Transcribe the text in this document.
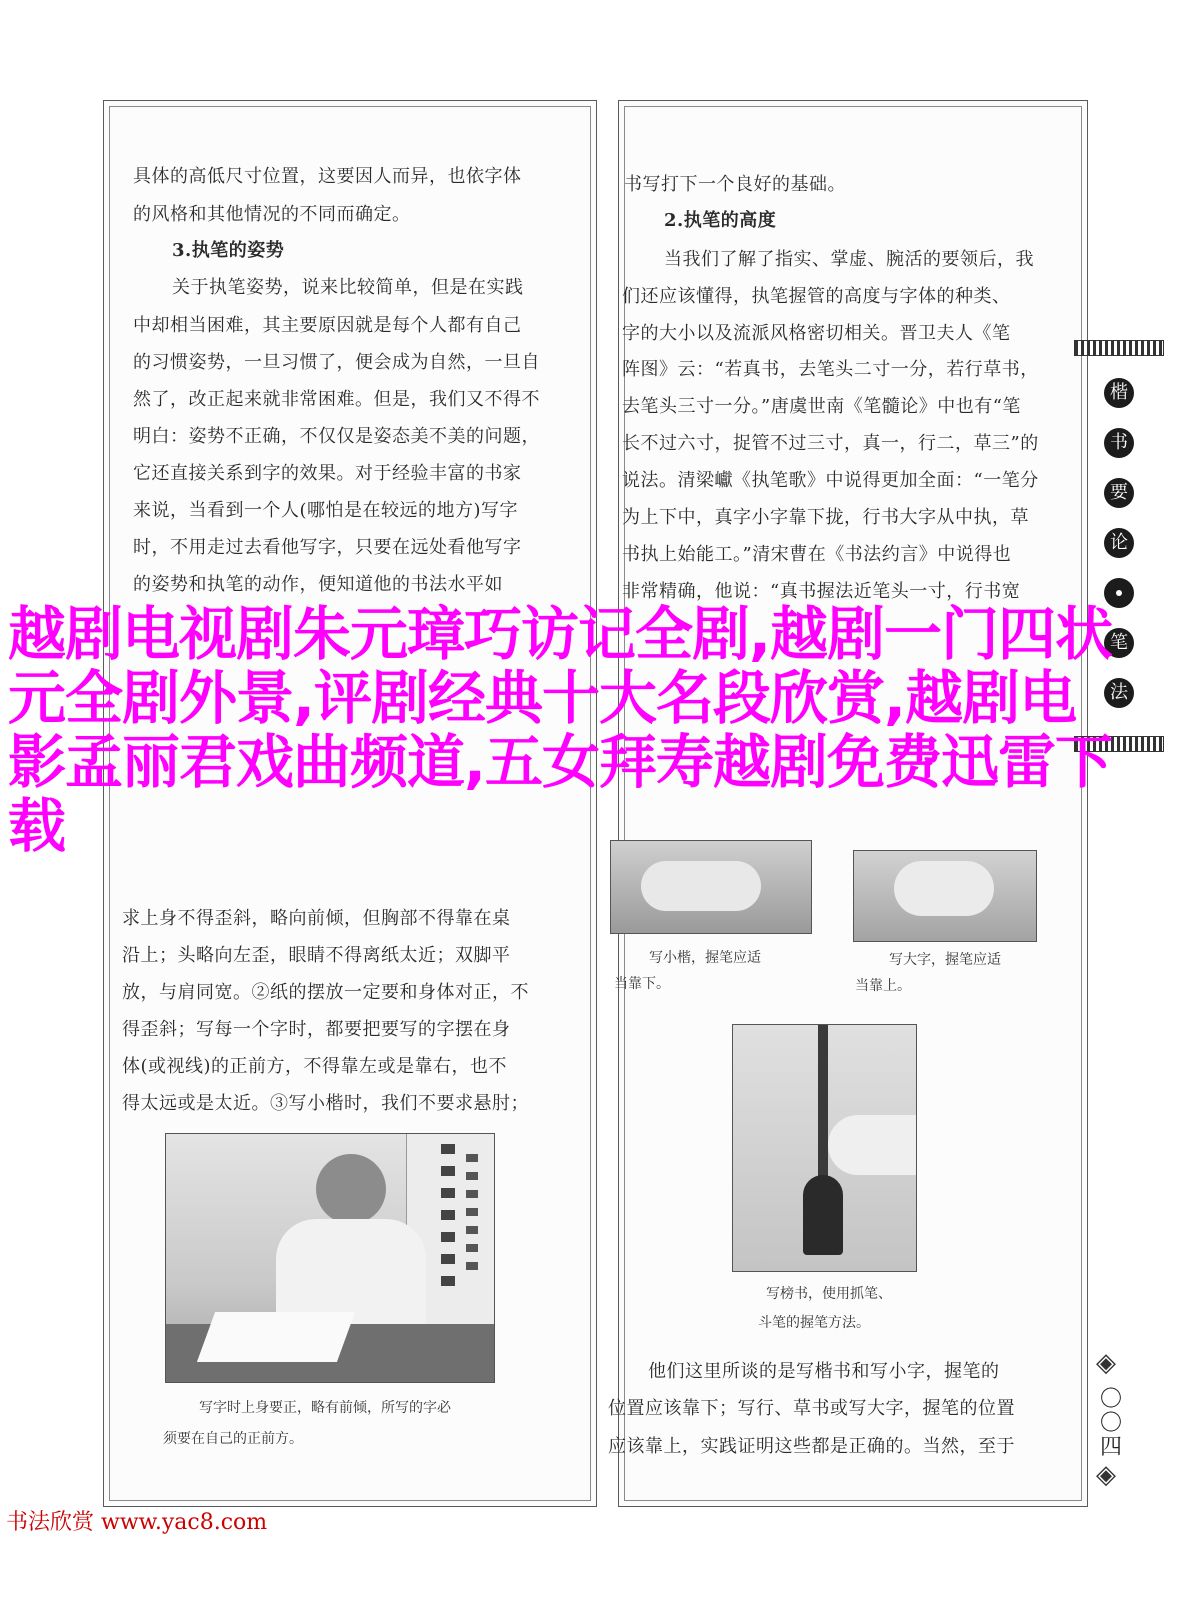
具体的高低尺寸位置，这要因人而异，也依字体
的风格和其他情况的不同而确定。
3.执笔的姿势
关于执笔姿势，说来比较简单，但是在实践
中却相当困难，其主要原因就是每个人都有自己
的习惯姿势，一旦习惯了，便会成为自然，一旦自
然了，改正起来就非常困难。但是，我们又不得不
明白：姿势不正确，不仅仅是姿态美不美的问题，
它还直接关系到字的效果。对于经验丰富的书家
来说，当看到一个人(哪怕是在较远的地方)写字
时，不用走过去看他写字，只要在远处看他写字
的姿势和执笔的动作，便知道他的书法水平如
求上身不得歪斜，略向前倾，但胸部不得靠在桌
沿上；头略向左歪，眼睛不得离纸太近；双脚平
放，与肩同宽。②纸的摆放一定要和身体对正，不
得歪斜；写每一个字时，都要把要写的字摆在身
体(或视线)的正前方，不得靠左或是靠右，也不
得太远或是太近。③写小楷时，我们不要求悬肘；
写字时上身要正，略有前倾，所写的字必
须要在自己的正前方。
书写打下一个良好的基础。
2.执笔的高度
当我们了解了指实、掌虚、腕活的要领后，我
们还应该懂得，执笔握管的高度与字体的种类、
字的大小以及流派风格密切相关。晋卫夫人《笔
阵图》云：“若真书，去笔头二寸一分，若行草书，
去笔头三寸一分。”唐虞世南《笔髓论》中也有“笔
长不过六寸，捉管不过三寸，真一，行二，草三”的
说法。清梁巘《执笔歌》中说得更加全面：“一笔分
为上下中，真字小字靠下拢，行书大字从中执，草
书执上始能工。”清宋曹在《书法约言》中说得也
非常精确，他说：“真书握法近笔头一寸，行书宽
写小楷，握笔应适
当靠下。
写大字，握笔应适
当靠上。
写榜书，使用抓笔、
斗笔的握笔方法。
他们这里所谈的是写楷书和写小字，握笔的
位置应该靠下；写行、草书或写大字，握笔的位置
应该靠上，实践证明这些都是正确的。当然，至于
楷
书
要
论
笔
法
◈
〇
〇
四
◈
越剧电视剧朱元璋巧访记全剧,越剧一门四状元全剧外景,评剧经典十大名段欣赏,越剧电影孟丽君戏曲频道,五女拜寿越剧免费迅雷下载
书法欣赏 www.yac8.com
